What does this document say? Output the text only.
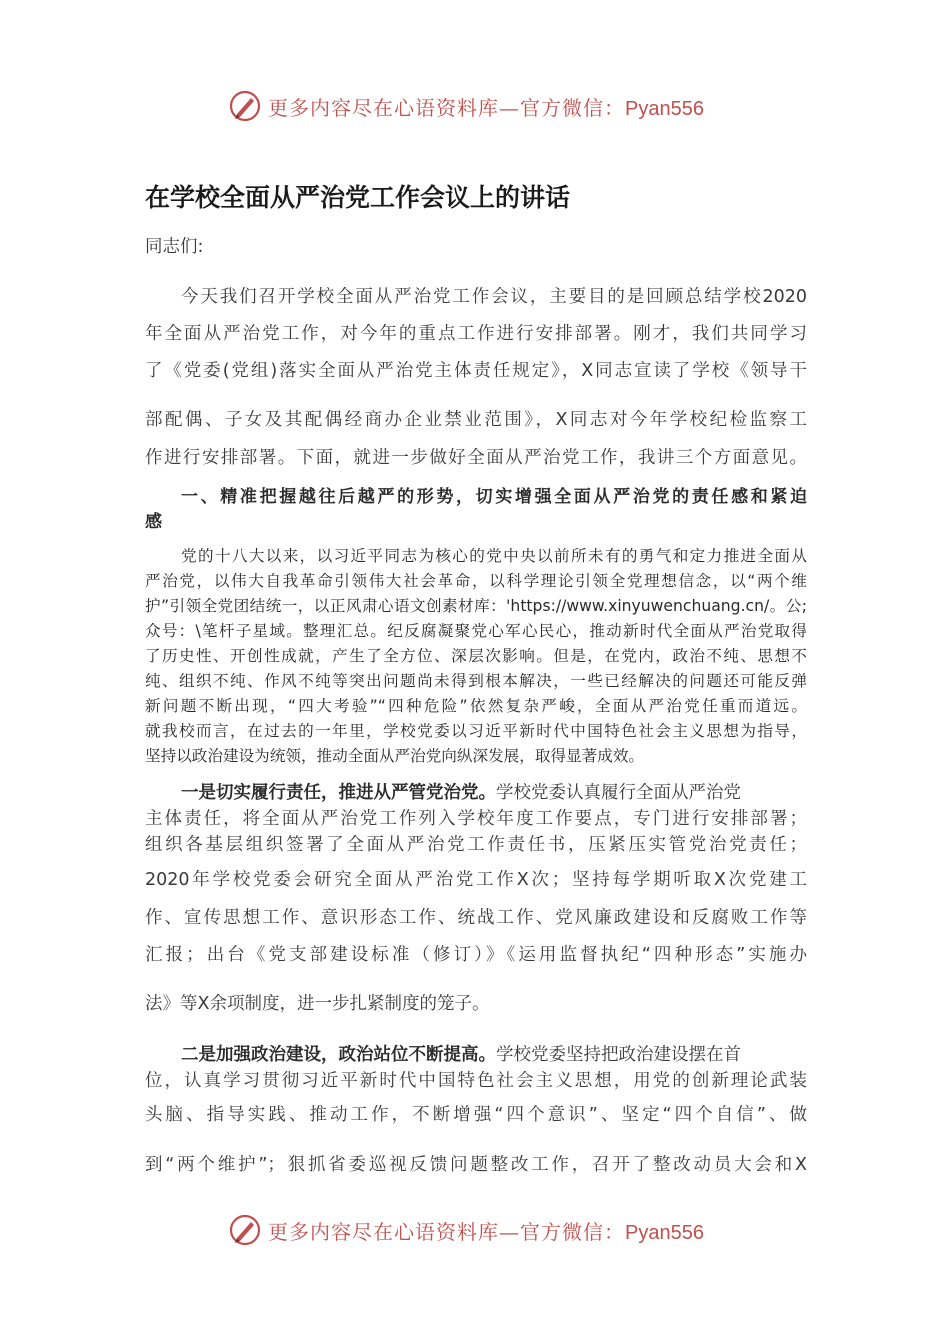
更多内容尽在心语资料库—官方微信：Pyan556
在学校全面从严治党工作会议上的讲话
同志们:
今天我们召开学校全面从严治党工作会议，主要目的是回顾总结学校2020
年全面从严治党工作，对今年的重点工作进行安排部署。刚才，我们共同学习
了《党委(党组)落实全面从严治党主体责任规定》，X同志宣读了学校《领导干
部配偶、子女及其配偶经商办企业禁业范围》，X同志对今年学校纪检监察工
作进行安排部署。下面，就进一步做好全面从严治党工作，我讲三个方面意见。
一、精准把握越往后越严的形势，切实增强全面从严治党的责任感和紧迫
感
党的十八大以来，以习近平同志为核心的党中央以前所未有的勇气和定力推进全面从
严治党，以伟大自我革命引领伟大社会革命，以科学理论引领全党理想信念，以“两个维
护”引领全党团结统一，以正风肃心语文创素材库：'https://www.xinyuwenchuang.cn/。公;
众号：\笔杆子星域。整理汇总。纪反腐凝聚党心军心民心，推动新时代全面从严治党取得
了历史性、开创性成就，产生了全方位、深层次影响。但是，在党内，政治不纯、思想不
纯、组织不纯、作风不纯等突出问题尚未得到根本解决，一些已经解决的问题还可能反弹
新问题不断出现，“四大考验”“四种危险”依然复杂严峻，全面从严治党任重而道远。
就我校而言，在过去的一年里，学校党委以习近平新时代中国特色社会主义思想为指导，
坚持以政治建设为统领，推动全面从严治党向纵深发展，取得显著成效。
一是切实履行责任，推进从严管党治党。学校党委认真履行全面从严治党
主体责任，将全面从严治党工作列入学校年度工作要点，专门进行安排部署；
组织各基层组织签署了全面从严治党工作责任书，压紧压实管党治党责任；
2020年学校党委会研究全面从严治党工作X次；坚持每学期听取X次党建工
作、宣传思想工作、意识形态工作、统战工作、党风廉政建设和反腐败工作等
汇报；出台《党支部建设标准（修订）》《运用监督执纪“四种形态”实施办
法》等X余项制度，进一步扎紧制度的笼子。
二是加强政治建设，政治站位不断提高。学校党委坚持把政治建设摆在首
位，认真学习贯彻习近平新时代中国特色社会主义思想，用党的创新理论武装
头脑、指导实践、推动工作，不断增强“四个意识”、坚定“四个自信”、做
到“两个维护”；狠抓省委巡视反馈问题整改工作，召开了整改动员大会和X
更多内容尽在心语资料库—官方微信：Pyan556
